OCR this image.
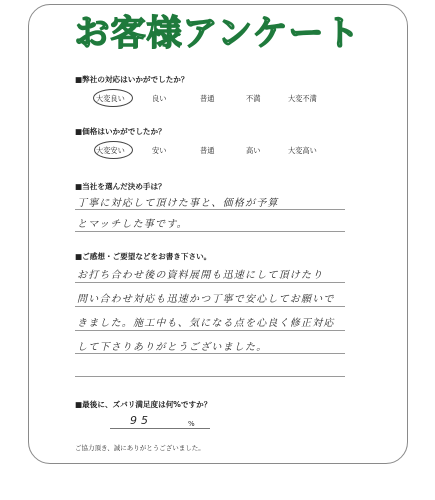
お客様アンケート
■弊社の対応はいかがでしたか？
大変良い	良い	普通	不満	大変不満
■価格はいかがでしたか？
大変安い	安い	普通	高い	大変高い
■当社を選んだ決め手は？
丁寧に対応して頂けた事と、価格が予算
とマッチした事です。
■ご感想・ご要望などをお書き下さい。
お打ち合わせ後の資料展開も迅速にして頂けたり
問い合わせ対応も迅速かつ丁寧で安心してお願いで
きました。施工中も、気になる点を心良く修正対応
して下さりありがとうございました。
■最後に、ズバリ満足度は何%ですか？
95	%
ご協力頂き、誠にありがとうございました。
